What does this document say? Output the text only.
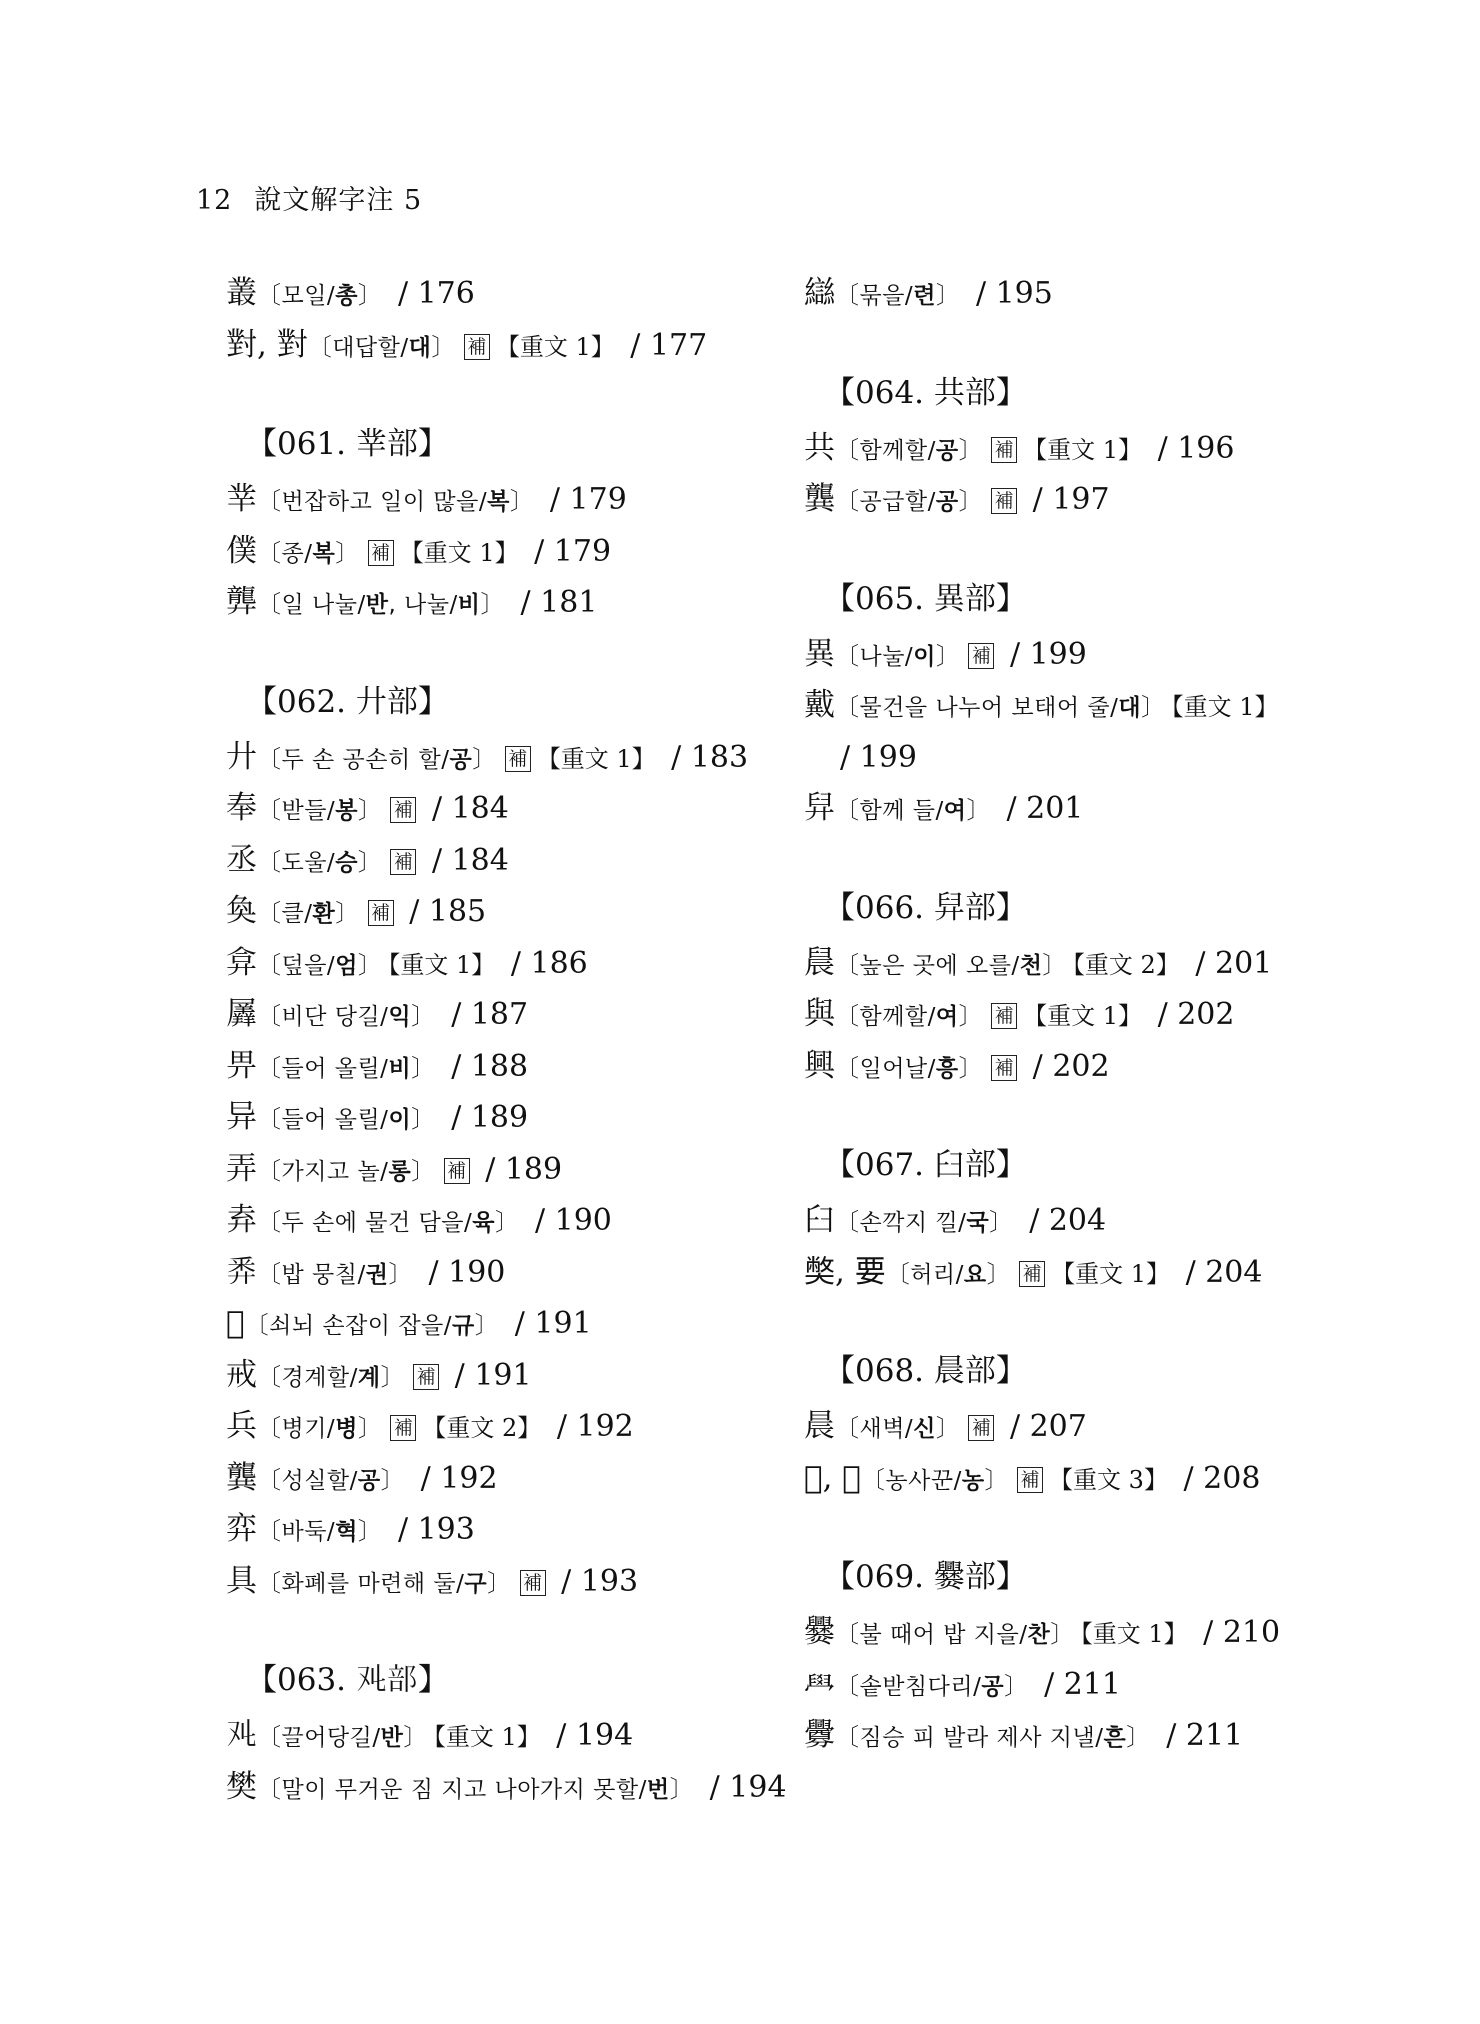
12 說文解字注 5
叢〔모일/총〕 / 176
對, 對〔대답할/대〕 補 【重文 1】 / 177
【061. 丵部】
丵〔번잡하고 일이 많을/복〕 / 179
僕〔종/복〕 補 【重文 1】 / 179
龏〔일 나눌/반, 나눌/비〕 / 181
【062. 廾部】
廾〔두 손 공손히 할/공〕 補 【重文 1】 / 183
奉〔받들/봉〕 補 / 184
丞〔도울/승〕 補 / 184
奐〔클/환〕 補 / 185
弇〔덮을/엄〕 【重文 1】 / 186
羼〔비단 당길/익〕 / 187
畀〔들어 올릴/비〕 / 188
异〔들어 올릴/이〕 / 189
弄〔가지고 놀/롱〕 補 / 189
弆〔두 손에 물건 담을/육〕 / 190
𢍏〔밥 뭉칠/권〕 / 190
𢍉〔쇠뇌 손잡이 잡을/규〕 / 191
戒〔경계할/계〕 補 / 191
兵〔병기/병〕 補 【重文 2】 / 192
龔〔성실할/공〕 / 192
弈〔바둑/혁〕 / 193
具〔화폐를 마련해 둘/구〕 補 / 193
【063. 𠬜部】
𠬜〔끌어당길/반〕 【重文 1】 / 194
樊〔말이 무거운 짐 지고 나아가지 못할/번〕 / 194
䜌〔묶을/련〕 / 195
【064. 共部】
共〔함께할/공〕 補 【重文 1】 / 196
龔〔공급할/공〕 補 / 197
【065. 異部】
異〔나눌/이〕 補 / 199
戴〔물건을 나누어 보태어 줄/대〕 【重文 1】
/ 199
舁〔함께 들/여〕 / 201
【066. 舁部】
䢅〔높은 곳에 오를/천〕 【重文 2】 / 201
與〔함께할/여〕 補 【重文 1】 / 202
興〔일어날/흥〕 補 / 202
【067. 臼部】
臼〔손깍지 낄/국〕 / 204
𡚁, 要〔허리/요〕 補 【重文 1】 / 204
【068. 晨部】
晨〔새벽/신〕 補 / 207
𣉷, 農〔농사꾼/농〕 補 【重文 3】 / 208
【069. 爨部】
爨〔불 때어 밥 지을/찬〕 【重文 1】 / 210
𦥯〔솥받침다리/공〕 / 211
釁〔짐승 피 발라 제사 지낼/흔〕 / 211
